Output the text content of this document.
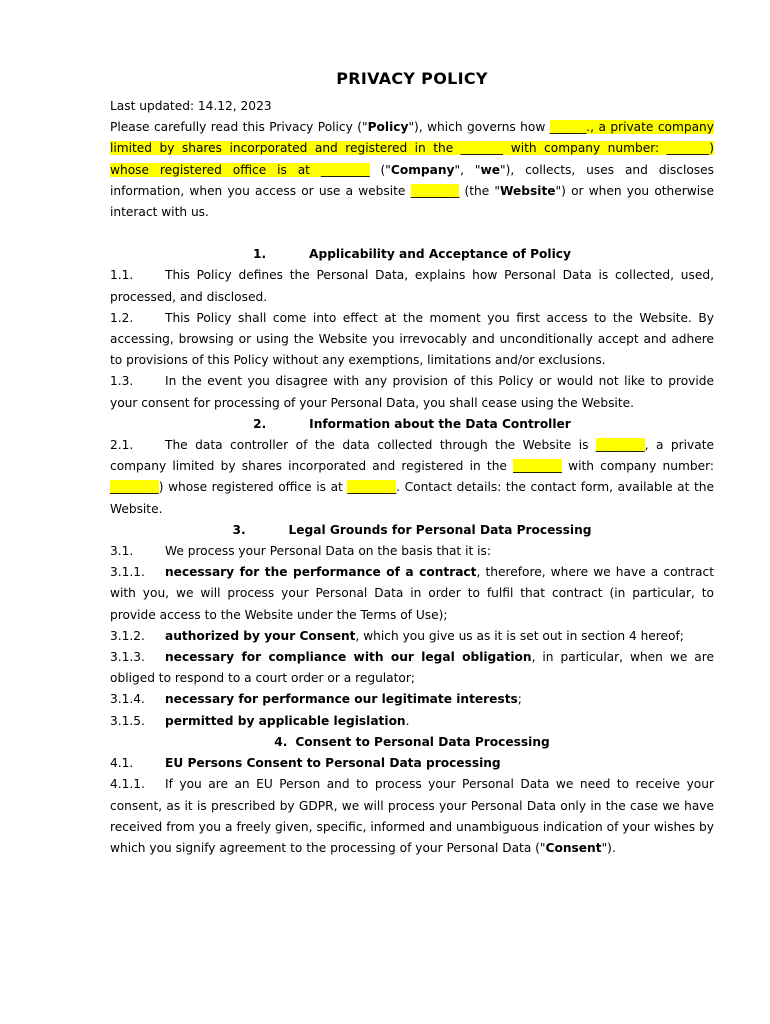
PRIVACY POLICY

Last updated: 14.12, 2023

Please carefully read this Privacy Policy ("Policy"), which governs how ______., a private company limited by shares incorporated and registered in the _______ with company number: _______) whose registered office is at ________ ("Company", "we"), collects, uses and discloses information, when you access or use a website ________ (the "Website") or when you otherwise interact with us.

1.	Applicability and Acceptance of Policy

1.1.	This Policy defines the Personal Data, explains how Personal Data is collected, used, processed, and disclosed.

1.2.	This Policy shall come into effect at the moment you first access to the Website. By accessing, browsing or using the Website you irrevocably and unconditionally accept and adhere to provisions of this Policy without any exemptions, limitations and/or exclusions.

1.3.	In the event you disagree with any provision of this Policy or would not like to provide your consent for processing of your Personal Data, you shall cease using the Website.

2.	Information about the Data Controller

2.1.	The data controller of the data collected through the Website is ________, a private company limited by shares incorporated and registered in the ________ with company number: ________) whose registered office is at ________. Contact details: the contact form, available at the Website.

3.	Legal Grounds for Personal Data Processing

3.1.	We process your Personal Data on the basis that it is:

3.1.1. necessary for the performance of a contract, therefore, where we have a contract with you, we will process your Personal Data in order to fulfil that contract (in particular, to provide access to the Website under the Terms of Use);

3.1.2. authorized by your Consent, which you give us as it is set out in section 4 hereof;

3.1.3. necessary for compliance with our legal obligation, in particular, when we are obliged to respond to a court order or a regulator;

3.1.4. necessary for performance our legitimate interests;

3.1.5. permitted by applicable legislation.

4. Consent to Personal Data Processing

4.1.	EU Persons Consent to Personal Data processing

4.1.1. If you are an EU Person and to process your Personal Data we need to receive your consent, as it is prescribed by GDPR, we will process your Personal Data only in the case we have received from you a freely given, specific, informed and unambiguous indication of your wishes by which you signify agreement to the processing of your Personal Data ("Consent").
